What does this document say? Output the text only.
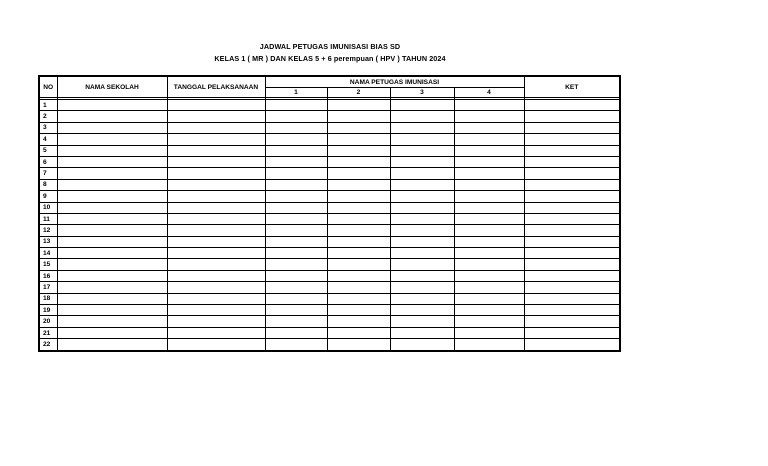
JADWAL PETUGAS IMUNISASI BIAS SD
KELAS 1 ( MR ) DAN KELAS 5 + 6 perempuan ( HPV ) TAHUN 2024
NO	NAMA SEKOLAH	TANGGAL PELAKSANAAN	NAMA PETUGAS IMUNISASI				KET
			1	2	3	4	

1							
2							
3							
4							
5							
6							
7							
8							
9							
10							
11							
12							
13							
14							
15							
16							
17							
18							
19							
20							
21							
22							
